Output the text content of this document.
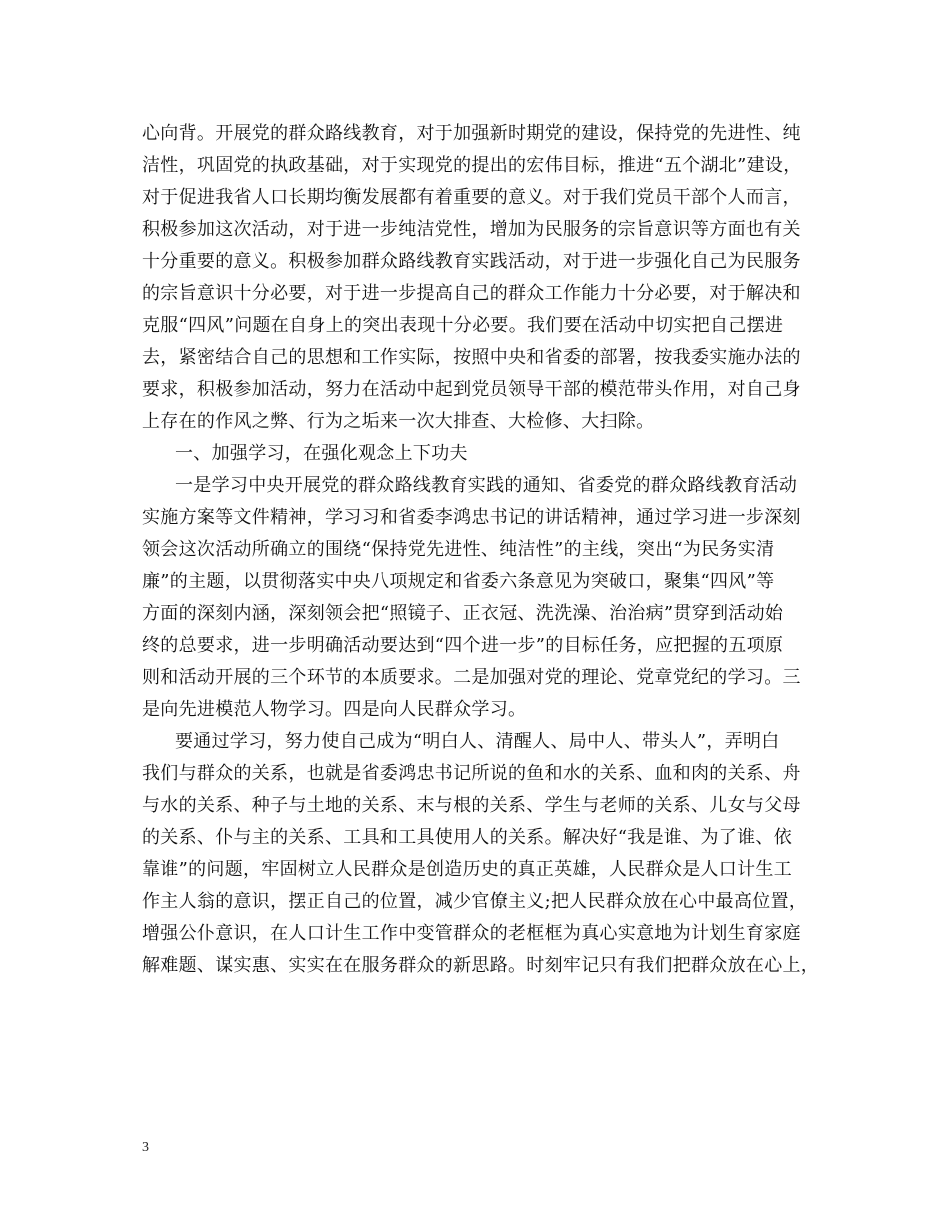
心向背。开展党的群众路线教育，对于加强新时期党的建设，保持党的先进性、纯
洁性，巩固党的执政基础，对于实现党的提出的宏伟目标，推进“五个湖北”建设，
对于促进我省人口长期均衡发展都有着重要的意义。对于我们党员干部个人而言，
积极参加这次活动，对于进一步纯洁党性，增加为民服务的宗旨意识等方面也有关
十分重要的意义。积极参加群众路线教育实践活动，对于进一步强化自己为民服务
的宗旨意识十分必要，对于进一步提高自己的群众工作能力十分必要，对于解决和
克服“四风”问题在自身上的突出表现十分必要。我们要在活动中切实把自己摆进
去，紧密结合自己的思想和工作实际，按照中央和省委的部署，按我委实施办法的
要求，积极参加活动，努力在活动中起到党员领导干部的模范带头作用，对自己身
上存在的作风之弊、行为之垢来一次大排查、大检修、大扫除。
一、加强学习，在强化观念上下功夫
一是学习中央开展党的群众路线教育实践的通知、省委党的群众路线教育活动
实施方案等文件精神，学习习和省委李鸿忠书记的讲话精神，通过学习进一步深刻
领会这次活动所确立的围绕“保持党先进性、纯洁性”的主线，突出“为民务实清
廉”的主题，以贯彻落实中央八项规定和省委六条意见为突破口，聚集“四风”等
方面的深刻内涵，深刻领会把“照镜子、正衣冠、洗洗澡、治治病”贯穿到活动始
终的总要求，进一步明确活动要达到“四个进一步”的目标任务，应把握的五项原
则和活动开展的三个环节的本质要求。二是加强对党的理论、党章党纪的学习。三
是向先进模范人物学习。四是向人民群众学习。
要通过学习，努力使自己成为“明白人、清醒人、局中人、带头人”，弄明白
我们与群众的关系，也就是省委鸿忠书记所说的鱼和水的关系、血和肉的关系、舟
与水的关系、种子与土地的关系、末与根的关系、学生与老师的关系、儿女与父母
的关系、仆与主的关系、工具和工具使用人的关系。解决好“我是谁、为了谁、依
靠谁”的问题，牢固树立人民群众是创造历史的真正英雄，人民群众是人口计生工
作主人翁的意识，摆正自己的位置，减少官僚主义;把人民群众放在心中最高位置，
增强公仆意识，在人口计生工作中变管群众的老框框为真心实意地为计划生育家庭
解难题、谋实惠、实实在在服务群众的新思路。时刻牢记只有我们把群众放在心上，
3
